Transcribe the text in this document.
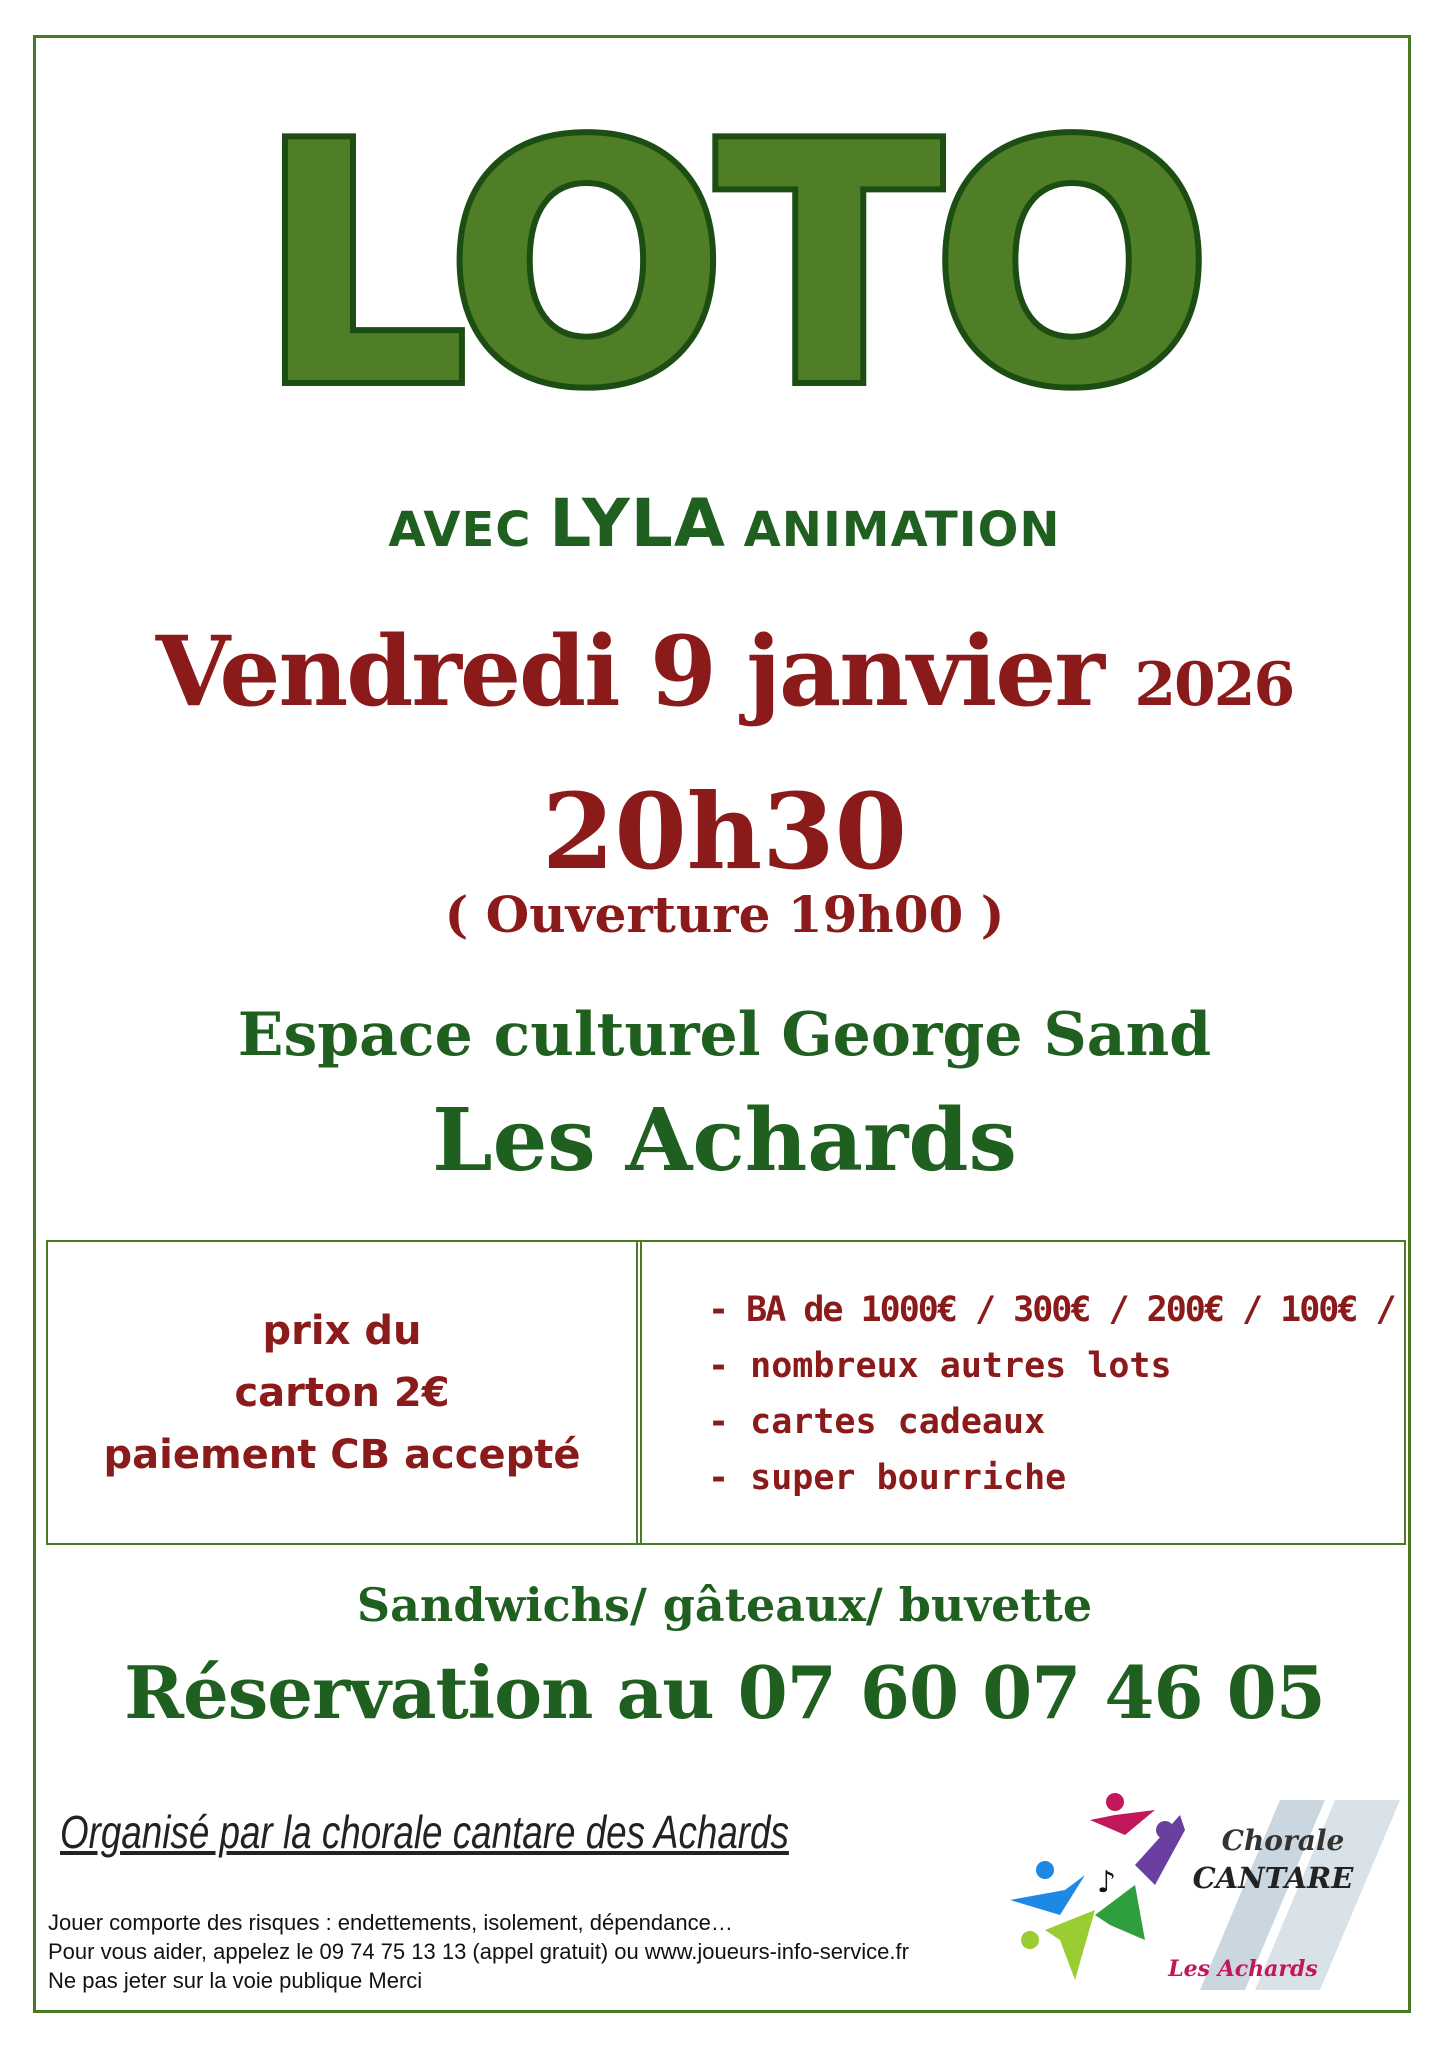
LOTO
AVEC LYLA ANIMATION
Vendredi 9 janvier 2026
20h30
( Ouverture 19h00 )
Espace culturel George Sand
Les Achards
prix du
carton 2€
paiement CB accepté
- BA de 1000€ / 300€ / 200€ / 100€ /
- nombreux autres lots
- cartes cadeaux
- super bourriche
Sandwichs/ gâteaux/ buvette
Réservation au 07 60 07 46 05
Organisé par la chorale cantare des Achards
Jouer comporte des risques : endettements, isolement, dépendance…
Pour vous aider, appelez le 09 74 75 13 13 (appel gratuit) ou www.joueurs-info-service.fr
Ne pas jeter sur la voie publique Merci
♪
Chorale
CANTARE
Les Achards
